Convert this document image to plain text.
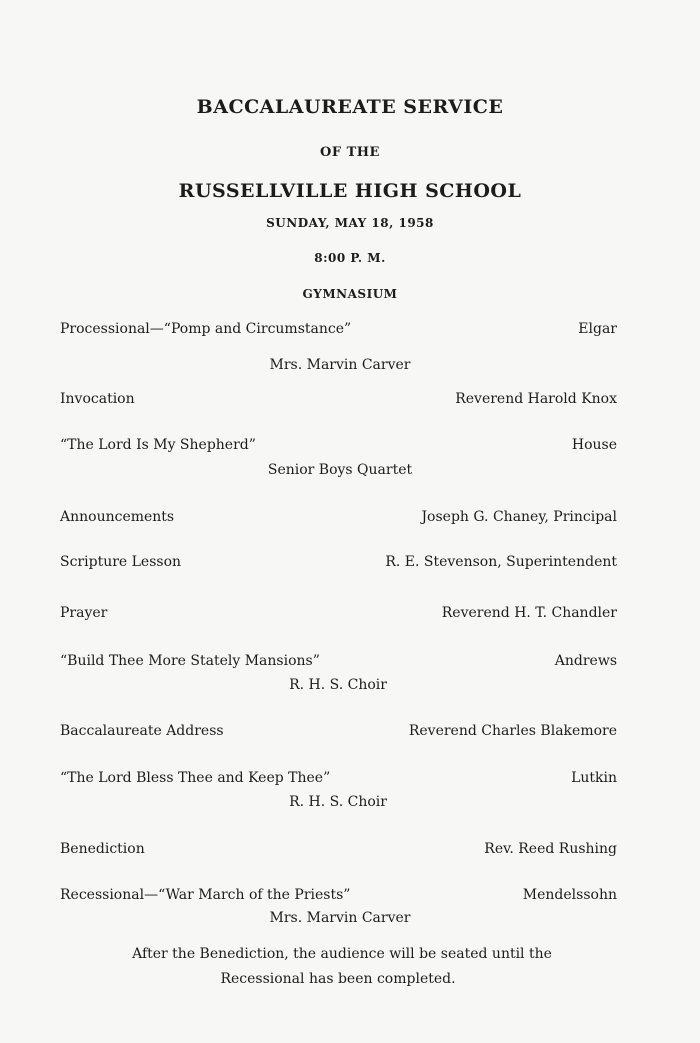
BACCALAUREATE SERVICE
OF THE
RUSSELLVILLE HIGH SCHOOL
SUNDAY, MAY 18, 1958
8:00 P. M.
GYMNASIUM
Processional—“Pomp and Circumstance”	Elgar
Mrs. Marvin Carver
Invocation	Reverend Harold Knox
“The Lord Is My Shepherd”	House
Senior Boys Quartet
Announcements	Joseph G. Chaney, Principal
Scripture Lesson	R. E. Stevenson, Superintendent
Prayer	Reverend H. T. Chandler
“Build Thee More Stately Mansions”	Andrews
R. H. S. Choir
Baccalaureate Address	Reverend Charles Blakemore
“The Lord Bless Thee and Keep Thee”	Lutkin
R. H. S. Choir
Benediction	Rev. Reed Rushing
Recessional—“War March of the Priests”	Mendelssohn
Mrs. Marvin Carver
After the Benediction, the audience will be seated until the
Recessional has been completed.
